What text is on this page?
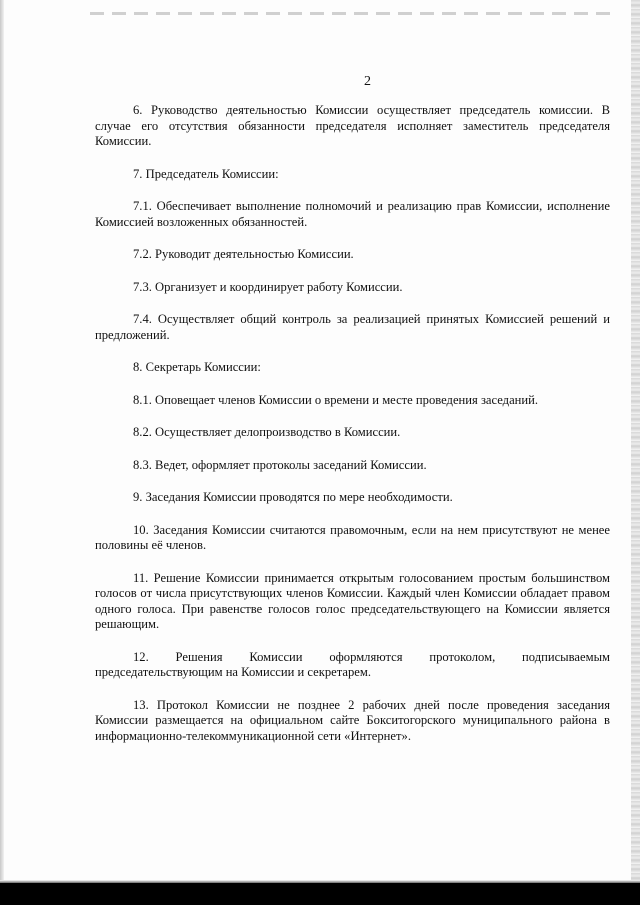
2

6. Руководство деятельностью Комиссии осуществляет председатель комиссии. В случае его отсутствия обязанности председателя исполняет заместитель председателя Комиссии.

7. Председатель Комиссии:

7.1. Обеспечивает выполнение полномочий и реализацию прав Комиссии, исполнение Комиссией возложенных обязанностей.

7.2. Руководит деятельностью Комиссии.

7.3. Организует и координирует работу Комиссии.

7.4. Осуществляет общий контроль за реализацией принятых Комиссией решений и предложений.

8. Секретарь Комиссии:

8.1. Оповещает членов Комиссии о времени и месте проведения заседаний.

8.2. Осуществляет делопроизводство в Комиссии.

8.3. Ведет, оформляет протоколы заседаний Комиссии.

9. Заседания Комиссии проводятся по мере необходимости.

10. Заседания Комиссии считаются правомочным, если на нем присутствуют не менее половины её членов.

11. Решение Комиссии принимается открытым голосованием простым большинством голосов от числа присутствующих членов Комиссии. Каждый член Комиссии обладает правом одного голоса. При равенстве голосов голос председательствующего на Комиссии является решающим.

12. Решения Комиссии оформляются протоколом, подписываемым председательствующим на Комиссии и секретарем.

13. Протокол Комиссии не позднее 2 рабочих дней после проведения заседания Комиссии размещается на официальном сайте Бокситогорского муниципального района в информационно-телекоммуникационной сети «Интернет».
